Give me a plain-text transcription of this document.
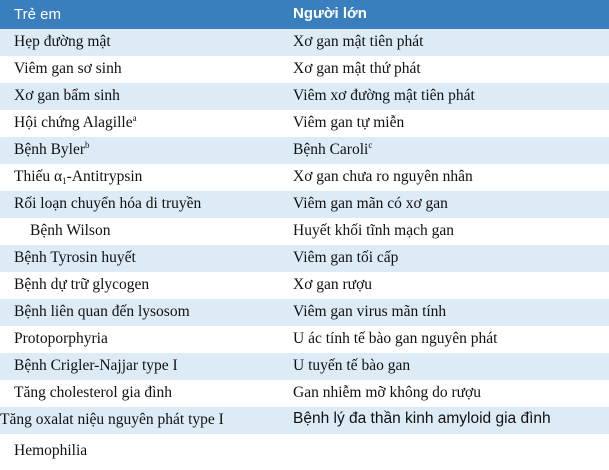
Trẻ em	Người lớn
Hẹp đường mật	Xơ gan mật tiên phát
Viêm gan sơ sinh	Xơ gan mật thứ phát
Xơ gan bẩm sinh	Viêm xơ đường mật tiên phát
Hội chứng Alagille$^a$	Viêm gan tự miễn
Bệnh Byler$^b$	Bệnh Caroli$^c$
Thiếu $\alpha_1$-Antitrypsin	Xơ gan chưa ro nguyên nhân
Rối loạn chuyển hóa di truyền	Viêm gan mãn có xơ gan
Bệnh Wilson	Huyết khối tĩnh mạch gan
Bệnh Tyrosin huyết	Viêm gan tối cấp
Bệnh dự trữ glycogen	Xơ gan rượu
Bệnh liên quan đến lysosom	Viêm gan virus mãn tính
Protoporphyria	U ác tính tế bào gan nguyên phát
Bệnh Crigler-Najjar type I	U tuyến tế bào gan
Tăng cholesterol gia đình	Gan nhiễm mỡ không do rượu
Tăng oxalat niệu nguyên phát type I	Bệnh lý đa thần kinh amyloid gia đình
Hemophilia
